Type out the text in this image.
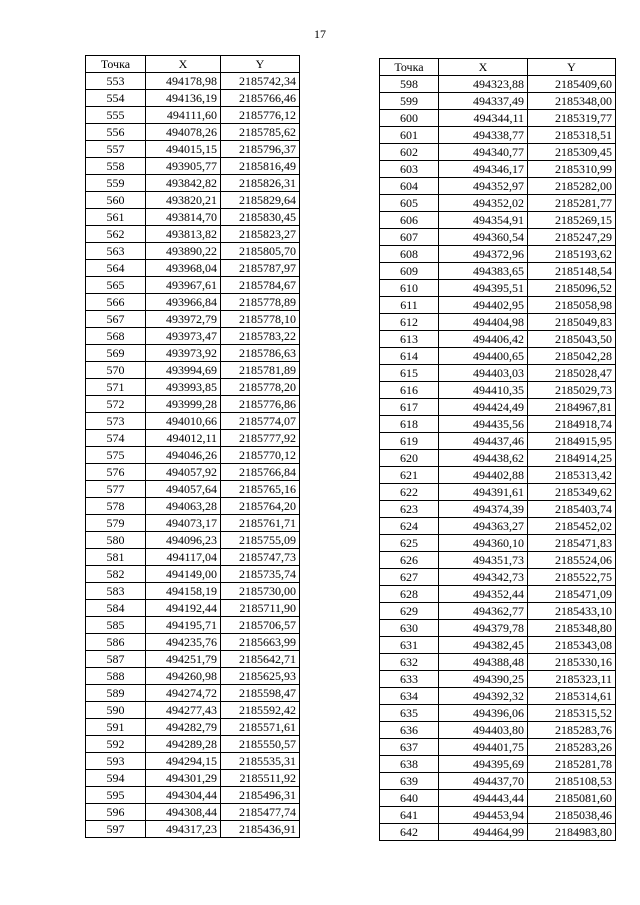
17
Точка	X	Y
553	494178,98	2185742,34
554	494136,19	2185766,46
555	494111,60	2185776,12
556	494078,26	2185785,62
557	494015,15	2185796,37
558	493905,77	2185816,49
559	493842,82	2185826,31
560	493820,21	2185829,64
561	493814,70	2185830,45
562	493813,82	2185823,27
563	493890,22	2185805,70
564	493968,04	2185787,97
565	493967,61	2185784,67
566	493966,84	2185778,89
567	493972,79	2185778,10
568	493973,47	2185783,22
569	493973,92	2185786,63
570	493994,69	2185781,89
571	493993,85	2185778,20
572	493999,28	2185776,86
573	494010,66	2185774,07
574	494012,11	2185777,92
575	494046,26	2185770,12
576	494057,92	2185766,84
577	494057,64	2185765,16
578	494063,28	2185764,20
579	494073,17	2185761,71
580	494096,23	2185755,09
581	494117,04	2185747,73
582	494149,00	2185735,74
583	494158,19	2185730,00
584	494192,44	2185711,90
585	494195,71	2185706,57
586	494235,76	2185663,99
587	494251,79	2185642,71
588	494260,98	2185625,93
589	494274,72	2185598,47
590	494277,43	2185592,42
591	494282,79	2185571,61
592	494289,28	2185550,57
593	494294,15	2185535,31
594	494301,29	2185511,92
595	494304,44	2185496,31
596	494308,44	2185477,74
597	494317,23	2185436,91
Точка	X	Y
598	494323,88	2185409,60
599	494337,49	2185348,00
600	494344,11	2185319,77
601	494338,77	2185318,51
602	494340,77	2185309,45
603	494346,17	2185310,99
604	494352,97	2185282,00
605	494352,02	2185281,77
606	494354,91	2185269,15
607	494360,54	2185247,29
608	494372,96	2185193,62
609	494383,65	2185148,54
610	494395,51	2185096,52
611	494402,95	2185058,98
612	494404,98	2185049,83
613	494406,42	2185043,50
614	494400,65	2185042,28
615	494403,03	2185028,47
616	494410,35	2185029,73
617	494424,49	2184967,81
618	494435,56	2184918,74
619	494437,46	2184915,95
620	494438,62	2184914,25
621	494402,88	2185313,42
622	494391,61	2185349,62
623	494374,39	2185403,74
624	494363,27	2185452,02
625	494360,10	2185471,83
626	494351,73	2185524,06
627	494342,73	2185522,75
628	494352,44	2185471,09
629	494362,77	2185433,10
630	494379,78	2185348,80
631	494382,45	2185343,08
632	494388,48	2185330,16
633	494390,25	2185323,11
634	494392,32	2185314,61
635	494396,06	2185315,52
636	494403,80	2185283,76
637	494401,75	2185283,26
638	494395,69	2185281,78
639	494437,70	2185108,53
640	494443,44	2185081,60
641	494453,94	2185038,46
642	494464,99	2184983,80
